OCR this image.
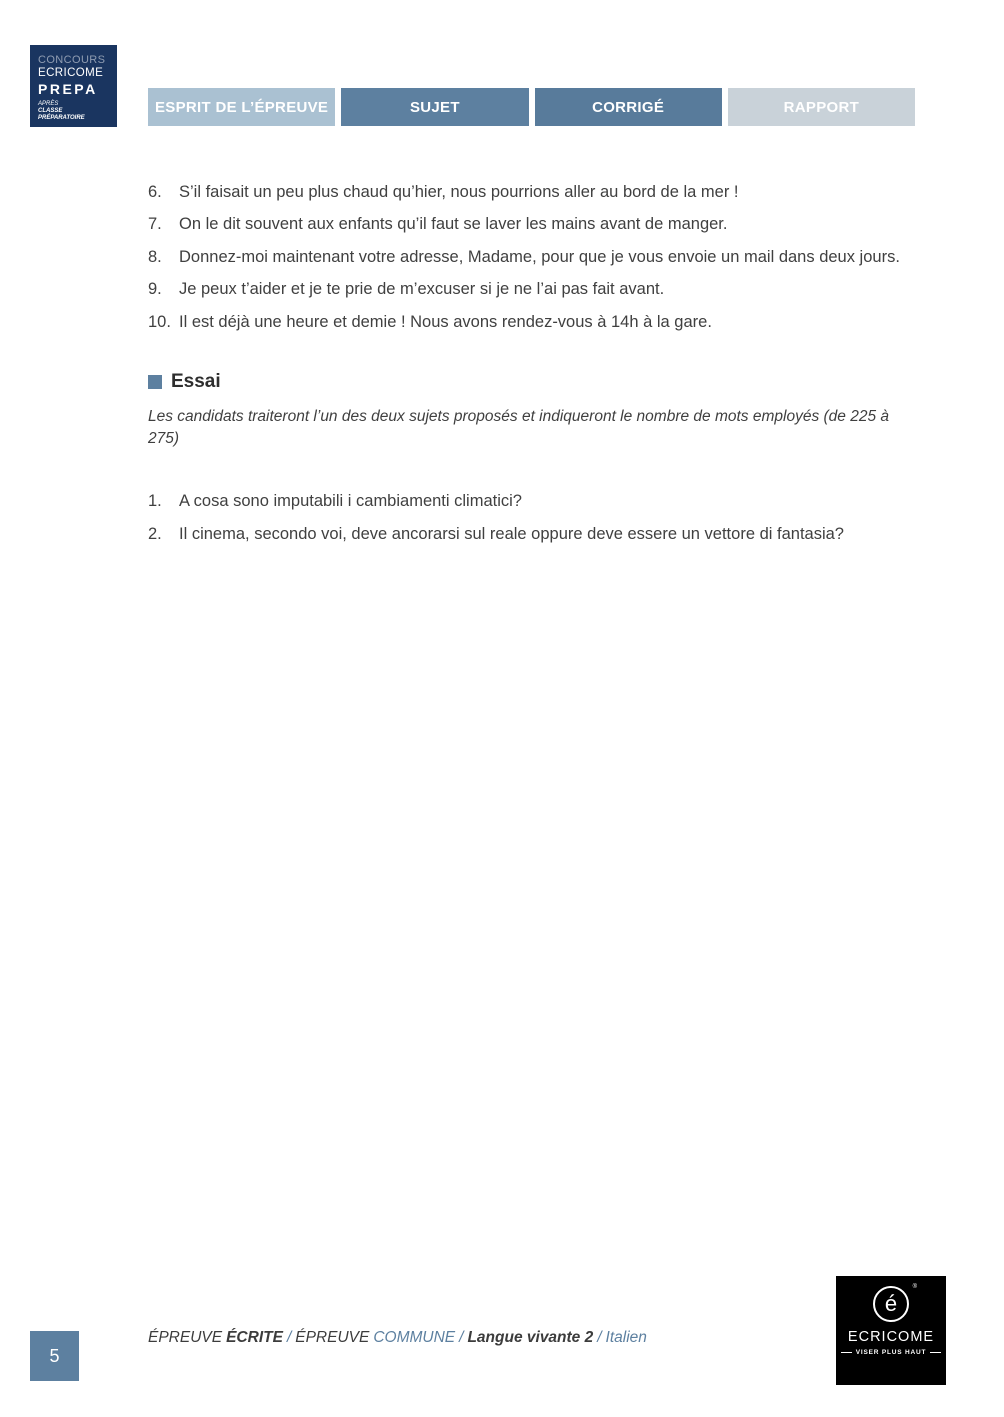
CONCOURS
ECRICOME
PREPA
APRÈS
CLASSE PRÉPARATOIRE
ESPRIT DE L’ÉPREUVE	SUJET	CORRIGÉ	RAPPORT
6.	S’il faisait un peu plus chaud qu’hier, nous pourrions aller au bord de la mer !
7.	On le dit souvent aux enfants qu’il faut se laver les mains avant de manger.
8.	Donnez-moi maintenant votre adresse, Madame, pour que je vous envoie un mail dans deux jours.
9.	Je peux t’aider et je te prie de m’excuser si je ne l’ai pas fait avant.
10. Il est déjà une heure et demie ! Nous avons rendez-vous à 14h à la gare.
Essai

Les candidats traiteront l’un des deux sujets proposés et indiqueront le nombre de mots employés (de 225 à 275)

1.	A cosa sono imputabili i cambiamenti climatici?
2.	Il cinema, secondo voi, deve ancorarsi sul reale oppure deve essere un vettore di fantasia?
ÉPREUVE ÉCRITE / ÉPREUVE COMMUNE / Langue vivante 2 / Italien
5
é
®
ECRICOME
VISER PLUS HAUT
